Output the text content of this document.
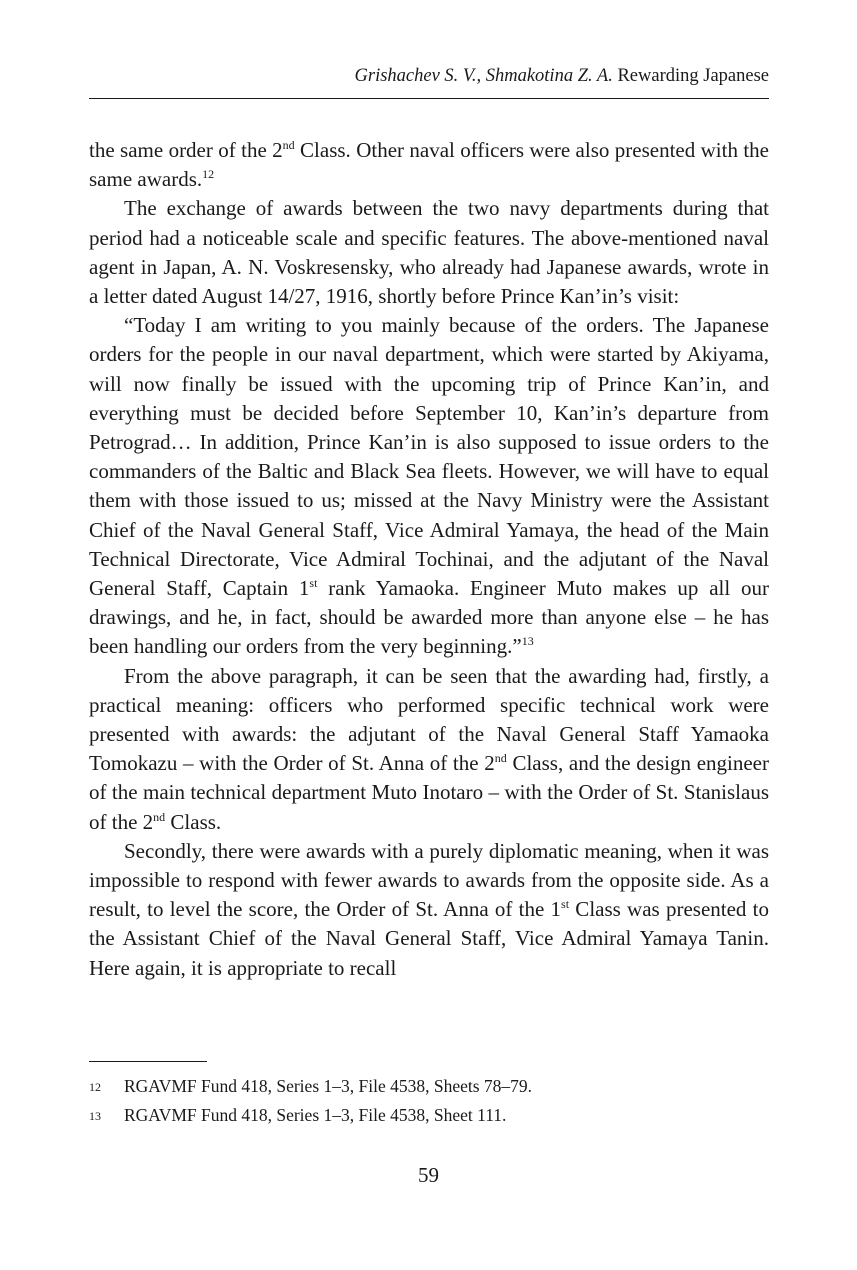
Grishachev S. V., Shmakotina Z. A. Rewarding Japanese

the same order of the 2nd Class. Other naval officers were also presented with the same awards.$^{12}$

The exchange of awards between the two navy departments during that period had a noticeable scale and specific features. The above-mentioned naval agent in Japan, A. N. Voskresensky, who already had Japanese awards, wrote in a letter dated August 14/27, 1916, shortly before Prince Kan’in’s visit:

“Today I am writing to you mainly because of the orders. The Japanese orders for the people in our naval department, which were started by Akiyama, will now finally be issued with the upcoming trip of Prince Kan’in, and everything must be decided before September 10, Kan’in’s departure from Petrograd… In addition, Prince Kan’in is also supposed to issue orders to the commanders of the Baltic and Black Sea fleets. However, we will have to equal them with those issued to us; missed at the Navy Ministry were the Assistant Chief of the Naval General Staff, Vice Admiral Yamaya, the head of the Main Technical Directorate, Vice Admiral Tochinai, and the adjutant of the Naval General Staff, Captain 1st rank Yamaoka. Engineer Muto makes up all our drawings, and he, in fact, should be awarded more than anyone else – he has been handling our orders from the very beginning.”$^{13}$

From the above paragraph, it can be seen that the awarding had, firstly, a practical meaning: officers who performed specific technical work were presented with awards: the adjutant of the Naval General Staff Yamaoka Tomokazu – with the Order of St. Anna of the 2nd Class, and the design engineer of the main technical department Muto Inotaro – with the Order of St. Stanislaus of the 2nd Class.

Secondly, there were awards with a purely diplomatic meaning, when it was impossible to respond with fewer awards to awards from the opposite side. As a result, to level the score, the Order of St. Anna of the 1st Class was presented to the Assistant Chief of the Naval General Staff, Vice Admiral Yamaya Tanin. Here again, it is appropriate to recall

12 RGAVMF Fund 418, Series 1–3, File 4538, Sheets 78–79.
13 RGAVMF Fund 418, Series 1–3, File 4538, Sheet 111.
59
